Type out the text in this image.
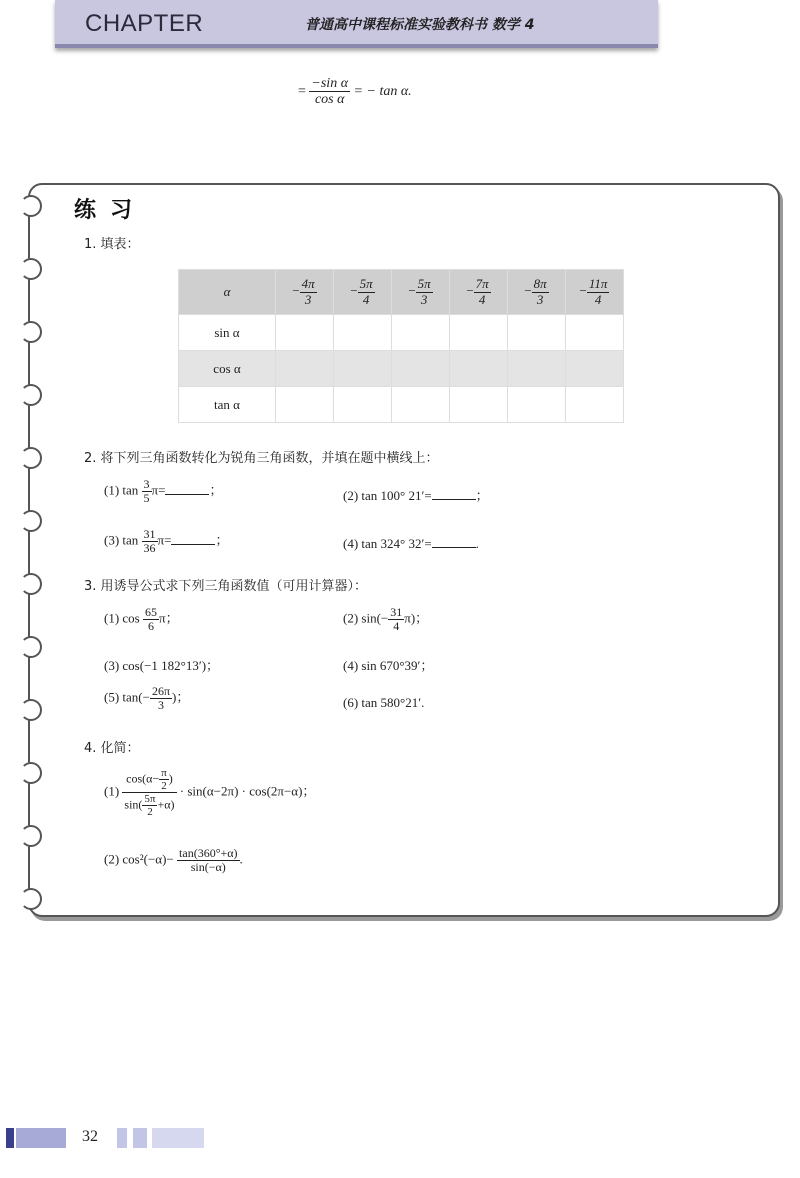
CHAPTER	普通高中课程标准实验教科书 数学 4
= $\frac{\text{−sin α}}{\text{cos α}}$ = − tan α.
练习
1. 填表：
α	− $\frac{4\pi}{3}$	− $\frac{5\pi}{4}$	− $\frac{5\pi}{3}$	− $\frac{7\pi}{4}$	− $\frac{8\pi}{3}$	− $\frac{11\pi}{4}$

sin α						
cos α						
tan α						
2. 将下列三角函数转化为锐角三角函数，并填在题中横线上：
(1) $\tan \frac{3}{5} \pi=$	；	(2) tan 100° 21′=	；
(3) $\tan \frac{31}{36} \pi=$	；	(4) tan 324° 32′=	.
3. 用诱导公式求下列三角函数值（可用计算器）：
(1) $\cos \frac{65}{6}$ π；	(2) $\sin(- \frac{31}{4} \pi)$；
(3) cos(−1 182°13′)；	(4) sin 670°39′；
(5) $\tan(- \frac{26\pi}{3}$ )；	(6) tan 580°21′.
4. 化简：
$(1) \frac{\cos(\alpha- \frac{\pi}{2} )}{\sin( \frac{5\pi}{2} +\alpha)} \cdot \sin(\alpha-2\pi) \cdot \cos(2\pi-\alpha)$；
(2) $\cos^2(-\alpha)- \frac{\tan(360^\circ+\alpha)}{\sin(-\alpha)}$ .
32
